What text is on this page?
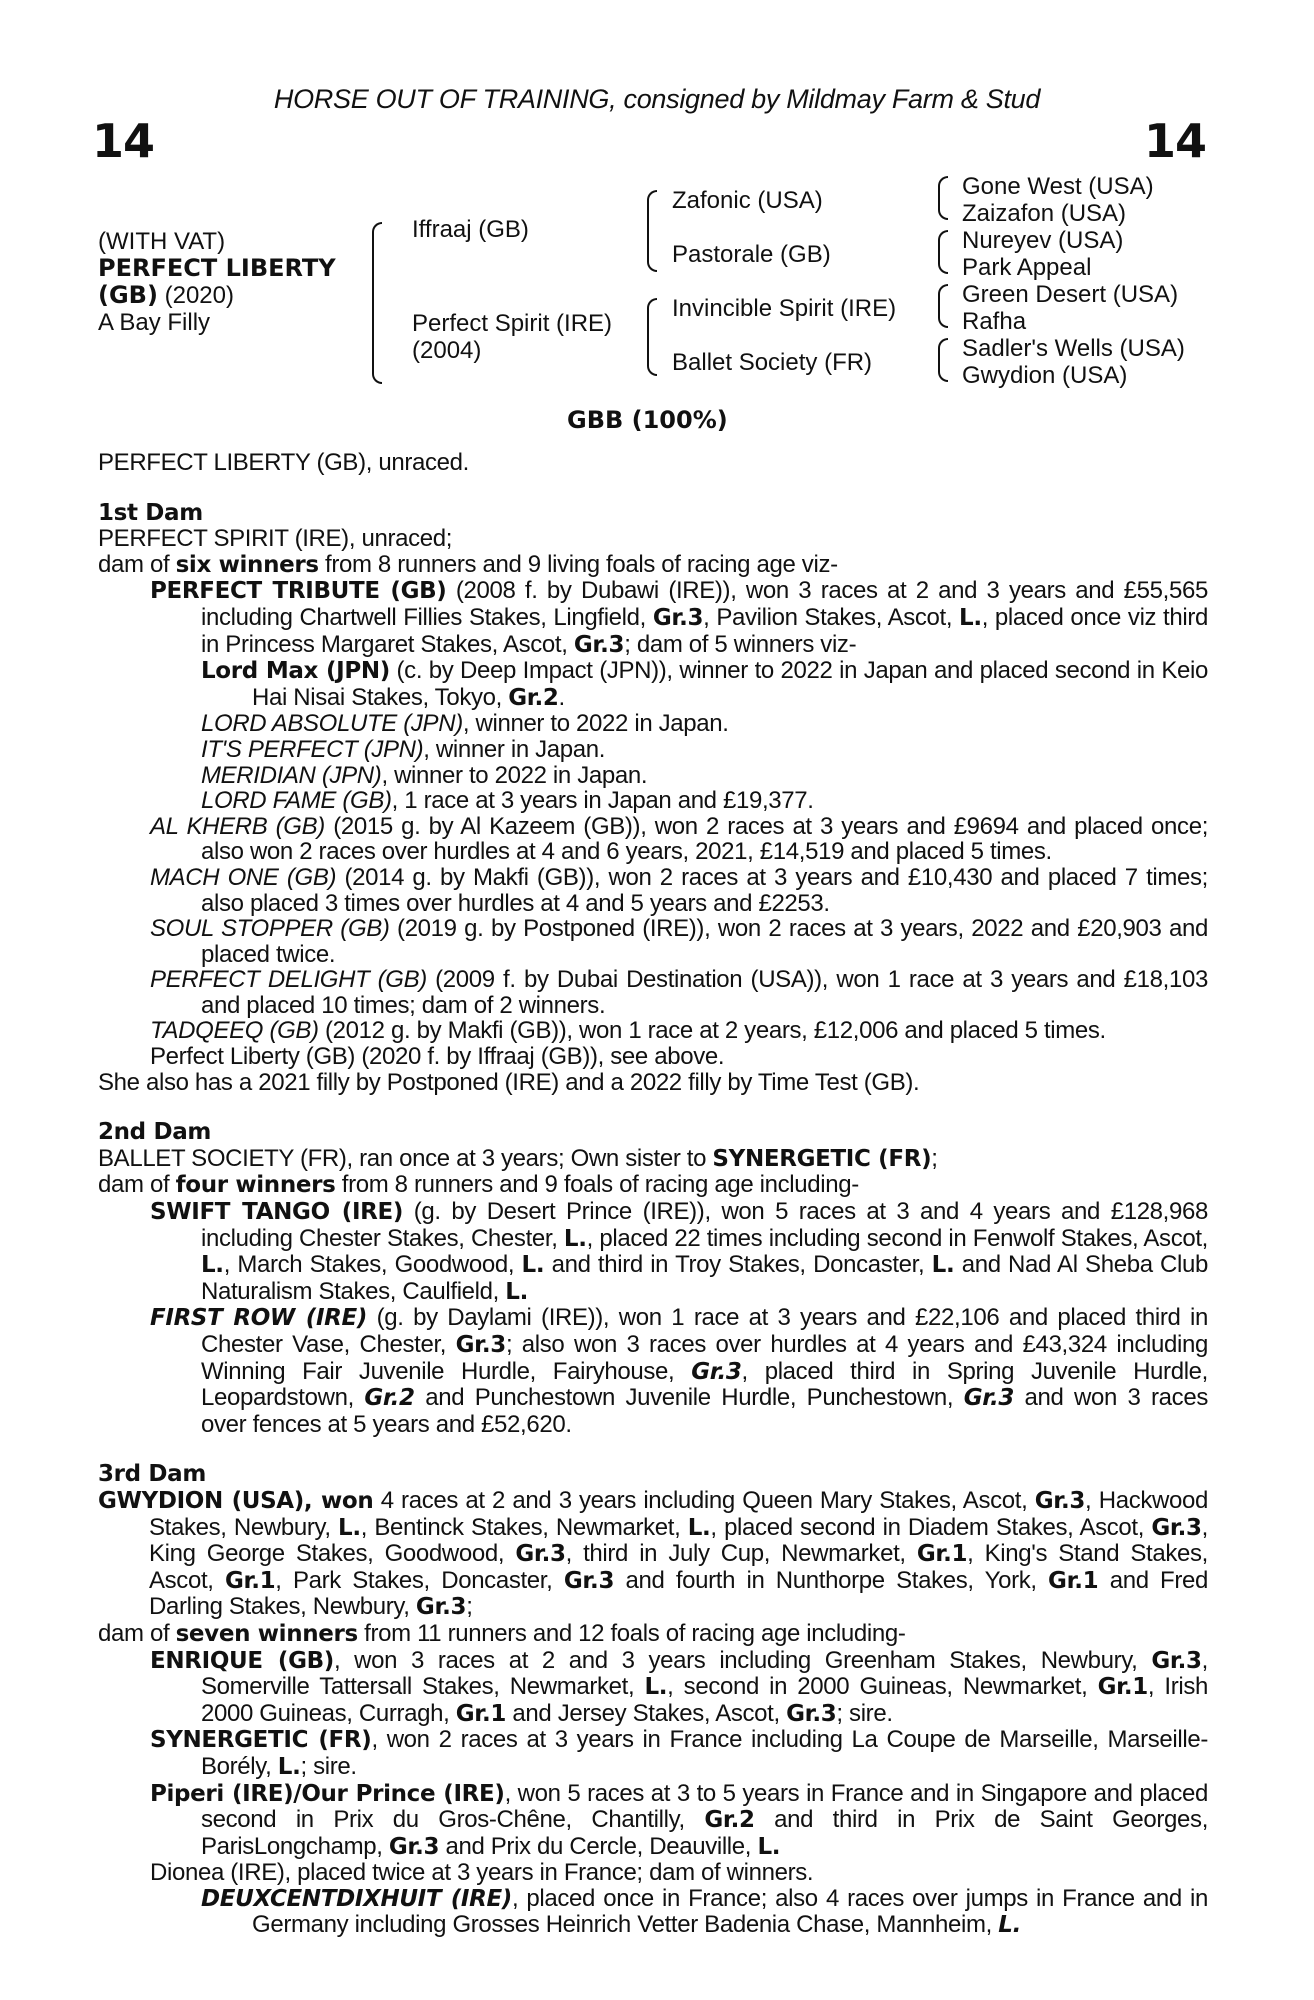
HORSE OUT OF TRAINING, consigned by Mildmay Farm & Stud
14	14
(WITH VAT)
PERFECT LIBERTY
(GB) (2020)
A Bay Filly
Iffraaj (GB)
Perfect Spirit (IRE)
(2004)
Zafonic (USA)
Pastorale (GB)
Invincible Spirit (IRE)
Ballet Society (FR)
Gone West (USA)
Zaizafon (USA)
Nureyev (USA)
Park Appeal
Green Desert (USA)
Rafha
Sadler's Wells (USA)
Gwydion (USA)
GBB (100%)

PERFECT LIBERTY (GB), unraced.

1st Dam

PERFECT SPIRIT (IRE), unraced;

dam of six winners from 8 runners and 9 living foals of racing age viz-

PERFECT TRIBUTE (GB) (2008 f. by Dubawi (IRE)), won 3 races at 2 and 3 years and £55,565 including Chartwell Fillies Stakes, Lingfield, Gr.3, Pavilion Stakes, Ascot, L., placed once viz third in Princess Margaret Stakes, Ascot, Gr.3; dam of 5 winners viz-

Lord Max (JPN) (c. by Deep Impact (JPN)), winner to 2022 in Japan and placed second in Keio Hai Nisai Stakes, Tokyo, Gr.2.

LORD ABSOLUTE (JPN), winner to 2022 in Japan.

IT'S PERFECT (JPN), winner in Japan.

MERIDIAN (JPN), winner to 2022 in Japan.

LORD FAME (GB), 1 race at 3 years in Japan and £19,377.

AL KHERB (GB) (2015 g. by Al Kazeem (GB)), won 2 races at 3 years and £9694 and placed once; also won 2 races over hurdles at 4 and 6 years, 2021, £14,519 and placed 5 times.

MACH ONE (GB) (2014 g. by Makfi (GB)), won 2 races at 3 years and £10,430 and placed 7 times; also placed 3 times over hurdles at 4 and 5 years and £2253.

SOUL STOPPER (GB) (2019 g. by Postponed (IRE)), won 2 races at 3 years, 2022 and £20,903 and placed twice.

PERFECT DELIGHT (GB) (2009 f. by Dubai Destination (USA)), won 1 race at 3 years and £18,103 and placed 10 times; dam of 2 winners.

TADQEEQ (GB) (2012 g. by Makfi (GB)), won 1 race at 2 years, £12,006 and placed 5 times.

Perfect Liberty (GB) (2020 f. by Iffraaj (GB)), see above.

She also has a 2021 filly by Postponed (IRE) and a 2022 filly by Time Test (GB).

2nd Dam

BALLET SOCIETY (FR), ran once at 3 years; Own sister to SYNERGETIC (FR);

dam of four winners from 8 runners and 9 foals of racing age including-

SWIFT TANGO (IRE) (g. by Desert Prince (IRE)), won 5 races at 3 and 4 years and £128,968 including Chester Stakes, Chester, L., placed 22 times including second in Fenwolf Stakes, Ascot, L., March Stakes, Goodwood, L. and third in Troy Stakes, Doncaster, L. and Nad Al Sheba Club Naturalism Stakes, Caulfield, L.

FIRST ROW (IRE) (g. by Daylami (IRE)), won 1 race at 3 years and £22,106 and placed third in Chester Vase, Chester, Gr.3; also won 3 races over hurdles at 4 years and £43,324 including Winning Fair Juvenile Hurdle, Fairyhouse, Gr.3, placed third in Spring Juvenile Hurdle, Leopardstown, Gr.2 and Punchestown Juvenile Hurdle, Punchestown, Gr.3 and won 3 races over fences at 5 years and £52,620.

3rd Dam

GWYDION (USA), won 4 races at 2 and 3 years including Queen Mary Stakes, Ascot, Gr.3, Hackwood Stakes, Newbury, L., Bentinck Stakes, Newmarket, L., placed second in Diadem Stakes, Ascot, Gr.3, King George Stakes, Goodwood, Gr.3, third in July Cup, Newmarket, Gr.1, King's Stand Stakes, Ascot, Gr.1, Park Stakes, Doncaster, Gr.3 and fourth in Nunthorpe Stakes, York, Gr.1 and Fred Darling Stakes, Newbury, Gr.3;

dam of seven winners from 11 runners and 12 foals of racing age including-

ENRIQUE (GB), won 3 races at 2 and 3 years including Greenham Stakes, Newbury, Gr.3, Somerville Tattersall Stakes, Newmarket, L., second in 2000 Guineas, Newmarket, Gr.1, Irish 2000 Guineas, Curragh, Gr.1 and Jersey Stakes, Ascot, Gr.3; sire.

SYNERGETIC (FR), won 2 races at 3 years in France including La Coupe de Marseille, Marseille-Borély, L.; sire.

Piperi (IRE)/Our Prince (IRE), won 5 races at 3 to 5 years in France and in Singapore and placed second in Prix du Gros-Chêne, Chantilly, Gr.2 and third in Prix de Saint Georges, ParisLongchamp, Gr.3 and Prix du Cercle, Deauville, L.

Dionea (IRE), placed twice at 3 years in France; dam of winners.

DEUXCENTDIXHUIT (IRE), placed once in France; also 4 races over jumps in France and in Germany including Grosses Heinrich Vetter Badenia Chase, Mannheim, L.
